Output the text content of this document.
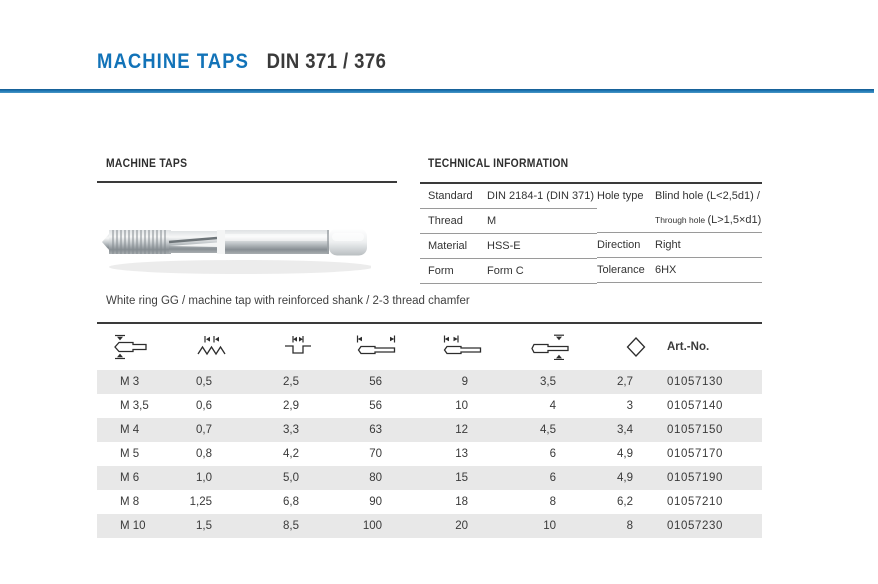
MACHINE TAPS DIN 371 / 376
MACHINE TAPS
White ring GG / machine tap with reinforced shank / 2-3 thread chamfer
TECHNICAL INFORMATION
Standard	DIN 2184-1 (DIN 371)
Thread	M
Material	HSS-E
Form	Form C
Hole type	Blind hole (L<2,5d1) /
Through hole (L>1,5×d1)

Direction	Right

Tolerance	6HX
							Art.-No.
M 3	0,5	2,5	56	9	3,5	2,7	01057130
M 3,5	0,6	2,9	56	10	4	3	01057140
M 4	0,7	3,3	63	12	4,5	3,4	01057150
M 5	0,8	4,2	70	13	6	4,9	01057170
M 6	1,0	5,0	80	15	6	4,9	01057190
M 8	1,25	6,8	90	18	8	6,2	01057210
M 10	1,5	8,5	100	20	10	8	01057230
